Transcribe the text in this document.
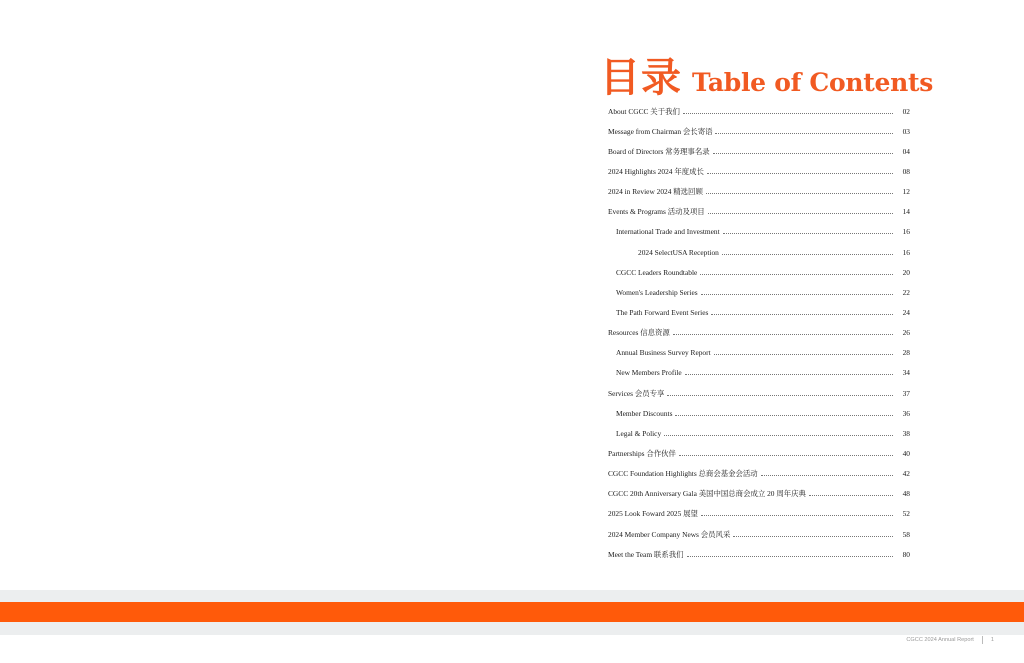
目录 Table of Contents
About CGCC 关于我们	02
Message from Chairman 会长寄语	03
Board of Directors 常务理事名录	04
2024 Highlights 2024 年度成长	08
2024 in Review 2024 精选回顾	12
Events & Programs 活动及项目	14
International Trade and Investment	16
2024 SelectUSA Reception	16
CGCC Leaders Roundtable	20
Women's Leadership Series	22
The Path Forward Event Series	24
Resources 信息资源	26
Annual Business Survey Report	28
New Members Profile	34
Services 会员专享	37
Member Discounts	36
Legal & Policy	38
Partnerships 合作伙伴	40
CGCC Foundation Highlights 总商会基金会活动	42
CGCC 20th Anniversary Gala 美国中国总商会成立 20 周年庆典	48
2025 Look Foward 2025 展望	52
2024 Member Company News 会员风采	58
Meet the Team 联系我们	80
CGCC 2024 Annual Report	1
